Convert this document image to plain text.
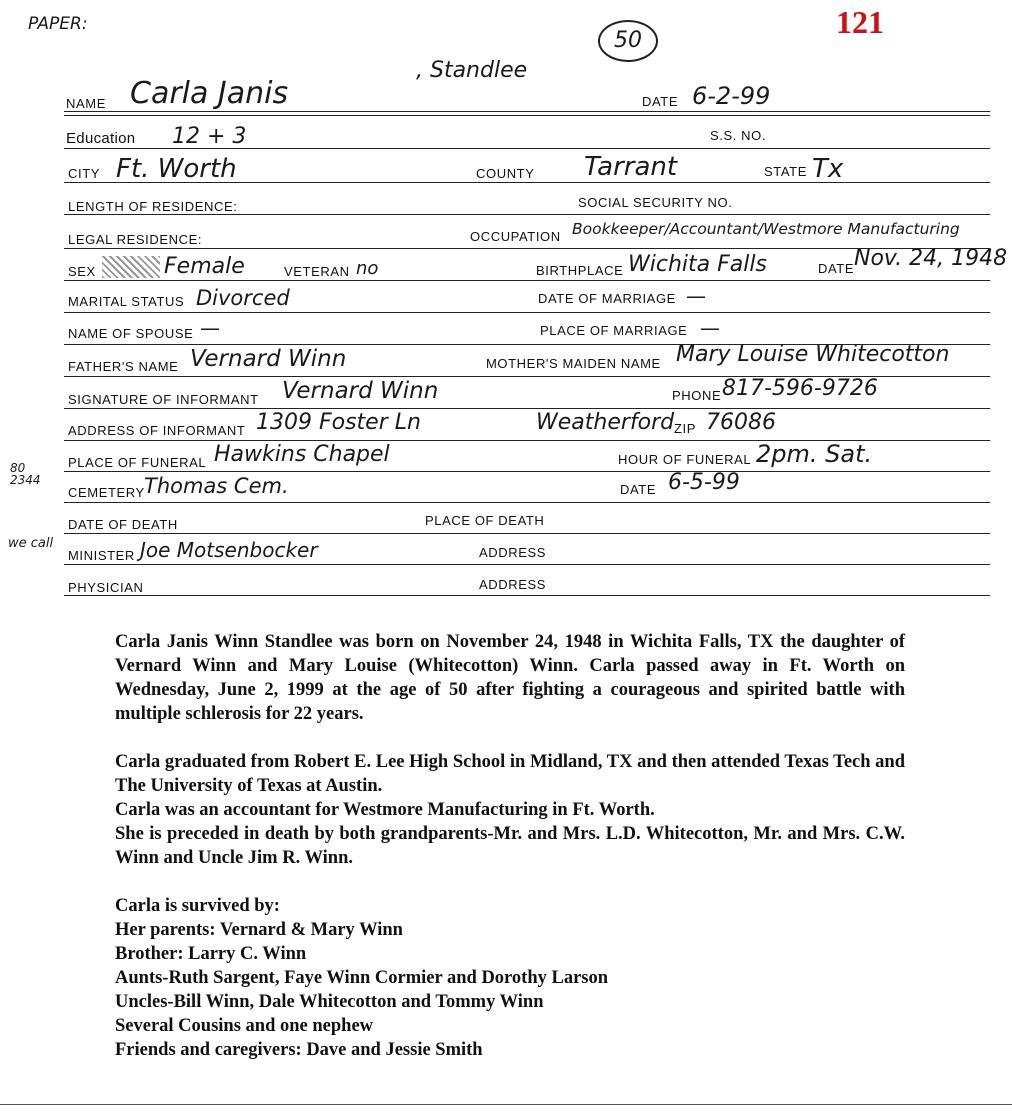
PAPER:
50
121
, Standlee
NAME Carla Janis	DATE 6-2-99
Education 12 + 3	S.S. NO.
CITY Ft. Worth	COUNTY Tarrant	STATE Tx
LENGTH OF RESIDENCE:	SOCIAL SECURITY NO.
LEGAL RESIDENCE:	OCCUPATION Bookkeeper/Accountant/Westmore Manufacturing
SEX	Female	VETERAN no	BIRTHPLACE Wichita Falls	DATE Nov. 24, 1948
MARITAL STATUS Divorced	DATE OF MARRIAGE —
NAME OF SPOUSE —	PLACE OF MARRIAGE —
FATHER'S NAME Vernard Winn	MOTHER'S MAIDEN NAME Mary Louise Whitecotton
SIGNATURE OF INFORMANT Vernard Winn	PHONE 817-596-9726
ADDRESS OF INFORMANT 1309 Foster Ln	Weatherford ZIP 76086
PLACE OF FUNERAL Hawkins Chapel	HOUR OF FUNERAL 2pm. Sat.
80
2344
CEMETERY Thomas Cem.	DATE 6-5-99
DATE OF DEATH	PLACE OF DEATH
we call
MINISTER Joe Motsenbocker	ADDRESS
PHYSICIAN	ADDRESS

Carla Janis Winn Standlee was born on November 24, 1948 in Wichita Falls, TX the daughter of Vernard Winn and Mary Louise (Whitecotton) Winn. Carla passed away in Ft. Worth on Wednesday, June 2, 1999 at the age of 50 after fighting a courageous and spirited battle with multiple schlerosis for 22 years.

Carla graduated from Robert E. Lee High School in Midland, TX and then attended Texas Tech and The University of Texas at Austin.

Carla was an accountant for Westmore Manufacturing in Ft. Worth.

She is preceded in death by both grandparents-Mr. and Mrs. L.D. Whitecotton, Mr. and Mrs. C.W. Winn and Uncle Jim R. Winn.

Carla is survived by:

Her parents: Vernard & Mary Winn

Brother: Larry C. Winn

Aunts-Ruth Sargent, Faye Winn Cormier and Dorothy Larson

Uncles-Bill Winn, Dale Whitecotton and Tommy Winn

Several Cousins and one nephew

Friends and caregivers: Dave and Jessie Smith
